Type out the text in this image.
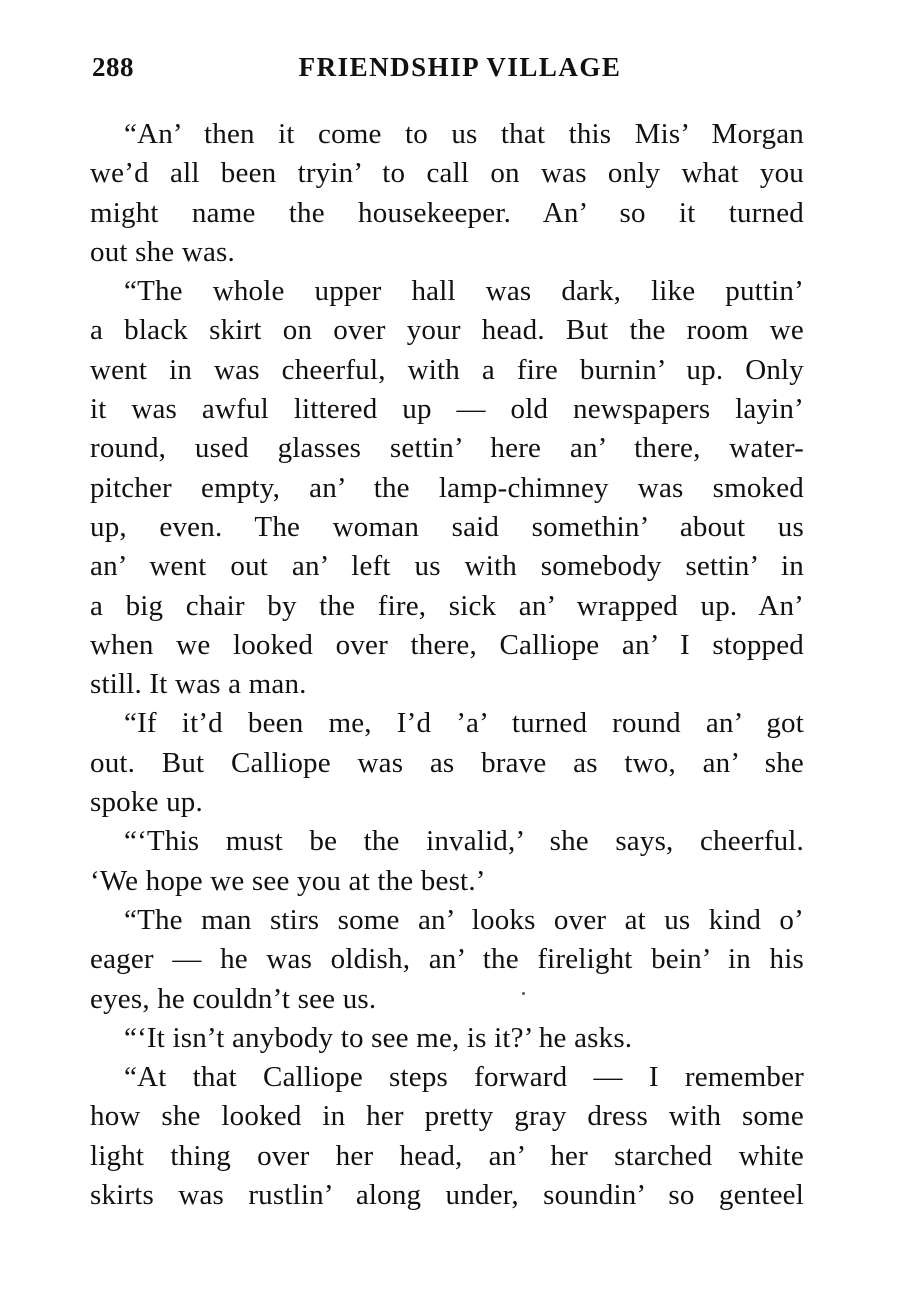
288	FRIENDSHIP VILLAGE
“An’ then it come to us that this Mis’ Morgan
we’d all been tryin’ to call on was only what you
might name the housekeeper. An’ so it turned
out she was.
“The whole upper hall was dark, like puttin’
a black skirt on over your head. But the room we
went in was cheerful, with a fire burnin’ up. Only
it was awful littered up — old newspapers layin’
round, used glasses settin’ here an’ there, water-
pitcher empty, an’ the lamp-chimney was smoked
up, even. The woman said somethin’ about us
an’ went out an’ left us with somebody settin’ in
a big chair by the fire, sick an’ wrapped up. An’
when we looked over there, Calliope an’ I stopped
still. It was a man.
“If it’d been me, I’d ’a’ turned round an’ got
out. But Calliope was as brave as two, an’ she
spoke up.
“‘This must be the invalid,’ she says, cheerful.
‘We hope we see you at the best.’
“The man stirs some an’ looks over at us kind o’
eager — he was oldish, an’ the firelight bein’ in his
eyes, he couldn’t see us.
“‘It isn’t anybody to see me, is it?’ he asks.
“At that Calliope steps forward — I remember
how she looked in her pretty gray dress with some
light thing over her head, an’ her starched white
skirts was rustlin’ along under, soundin’ so genteel
